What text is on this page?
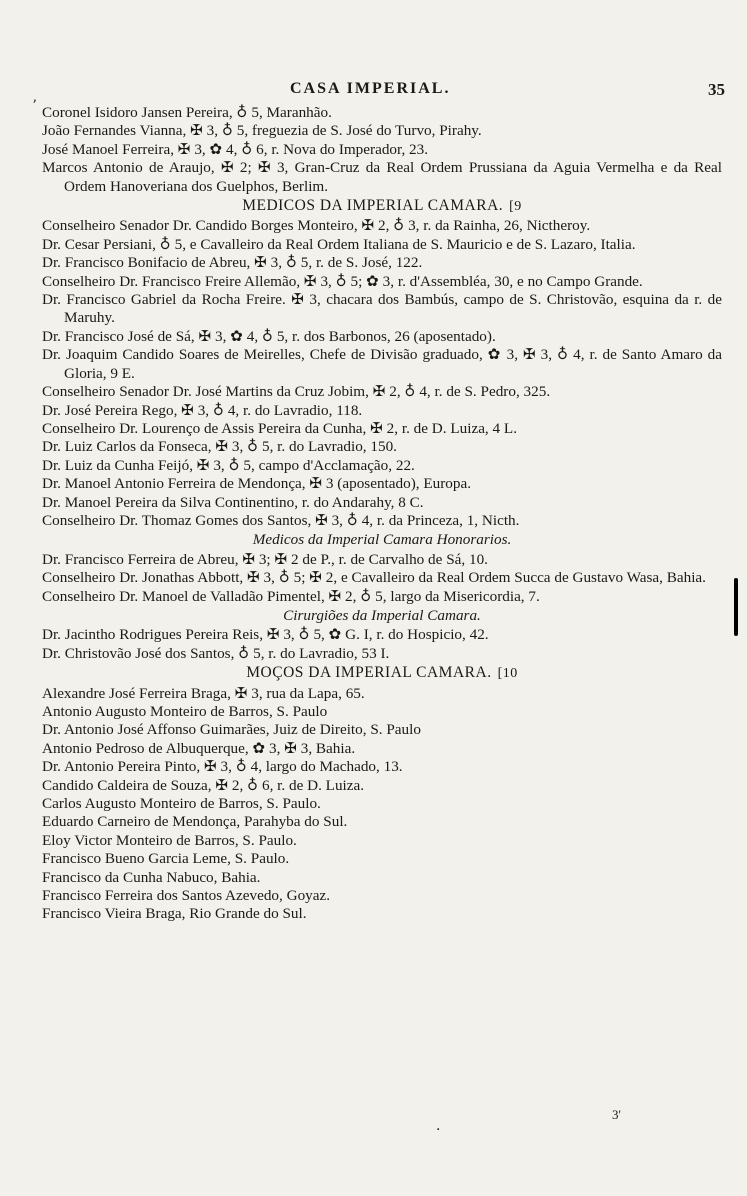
CASA IMPERIAL.	35
Coronel Isidoro Jansen Pereira, ♁ 5, Maranhão.
João Fernandes Vianna, ✠ 3, ♁ 5, freguezia de S. José do Turvo, Pirahy.
José Manoel Ferreira, ✠ 3, ✿ 4, ♁ 6, r. Nova do Imperador, 23.
Marcos Antonio de Araujo, ✠ 2; ✠ 3, Gran-Cruz da Real Ordem Prussiana da Aguia Vermelha e da Real Ordem Hanoveriana dos Guelphos, Berlim.
MEDICOS DA IMPERIAL CAMARA. [9
Conselheiro Senador Dr. Candido Borges Monteiro, ✠ 2, ♁ 3, r. da Rainha, 26, Nictheroy.
Dr. Cesar Persiani, ♁ 5, e Cavalleiro da Real Ordem Italiana de S. Mauricio e de S. Lazaro, Italia.
Dr. Francisco Bonifacio de Abreu, ✠ 3, ♁ 5, r. de S. José, 122.
Conselheiro Dr. Francisco Freire Allemão, ✠ 3, ♁ 5; ✿ 3, r. d'Assembléa, 30, e no Campo Grande.
Dr. Francisco Gabriel da Rocha Freire. ✠ 3, chacara dos Bambús, campo de S. Christovão, esquina da r. de Maruhy.
Dr. Francisco José de Sá, ✠ 3, ✿ 4, ♁ 5, r. dos Barbonos, 26 (aposentado).
Dr. Joaquim Candido Soares de Meirelles, Chefe de Divisão graduado, ✿ 3, ✠ 3, ♁ 4, r. de Santo Amaro da Gloria, 9 E.
Conselheiro Senador Dr. José Martins da Cruz Jobim, ✠ 2, ♁ 4, r. de S. Pedro, 325.
Dr. José Pereira Rego, ✠ 3, ♁ 4, r. do Lavradio, 118.
Conselheiro Dr. Lourenço de Assis Pereira da Cunha, ✠ 2, r. de D. Luiza, 4 L.
Dr. Luiz Carlos da Fonseca, ✠ 3, ♁ 5, r. do Lavradio, 150.
Dr. Luiz da Cunha Feijó, ✠ 3, ♁ 5, campo d'Acclamação, 22.
Dr. Manoel Antonio Ferreira de Mendonça, ✠ 3 (aposentado), Europa.
Dr. Manoel Pereira da Silva Continentino, r. do Andarahy, 8 C.
Conselheiro Dr. Thomaz Gomes dos Santos, ✠ 3, ♁ 4, r. da Princeza, 1, Nicth.
Medicos da Imperial Camara Honorarios.
Dr. Francisco Ferreira de Abreu, ✠ 3; ✠ 2 de P., r. de Carvalho de Sá, 10.
Conselheiro Dr. Jonathas Abbott, ✠ 3, ♁ 5; ✠ 2, e Cavalleiro da Real Ordem Succa de Gustavo Wasa, Bahia.
Conselheiro Dr. Manoel de Valladão Pimentel, ✠ 2, ♁ 5, largo da Misericordia, 7.
Cirurgiões da Imperial Camara.
Dr. Jacintho Rodrigues Pereira Reis, ✠ 3, ♁ 5, ✿ G. I, r. do Hospicio, 42.
Dr. Christovão José dos Santos, ♁ 5, r. do Lavradio, 53 I.
MOÇOS DA IMPERIAL CAMARA. [10
Alexandre José Ferreira Braga, ✠ 3, rua da Lapa, 65.
Antonio Augusto Monteiro de Barros, S. Paulo
Dr. Antonio José Affonso Guimarães, Juiz de Direito, S. Paulo
Antonio Pedroso de Albuquerque, ✿ 3, ✠ 3, Bahia.
Dr. Antonio Pereira Pinto, ✠ 3, ♁ 4, largo do Machado, 13.
Candido Caldeira de Souza, ✠ 2, ♁ 6, r. de D. Luiza.
Carlos Augusto Monteiro de Barros, S. Paulo.
Eduardo Carneiro de Mendonça, Parahyba do Sul.
Eloy Victor Monteiro de Barros, S. Paulo.
Francisco Bueno Garcia Leme, S. Paulo.
Francisco da Cunha Nabuco, Bahia.
Francisco Ferreira dos Santos Azevedo, Goyaz.
Francisco Vieira Braga, Rio Grande do Sul.
3'
ʼ
·
